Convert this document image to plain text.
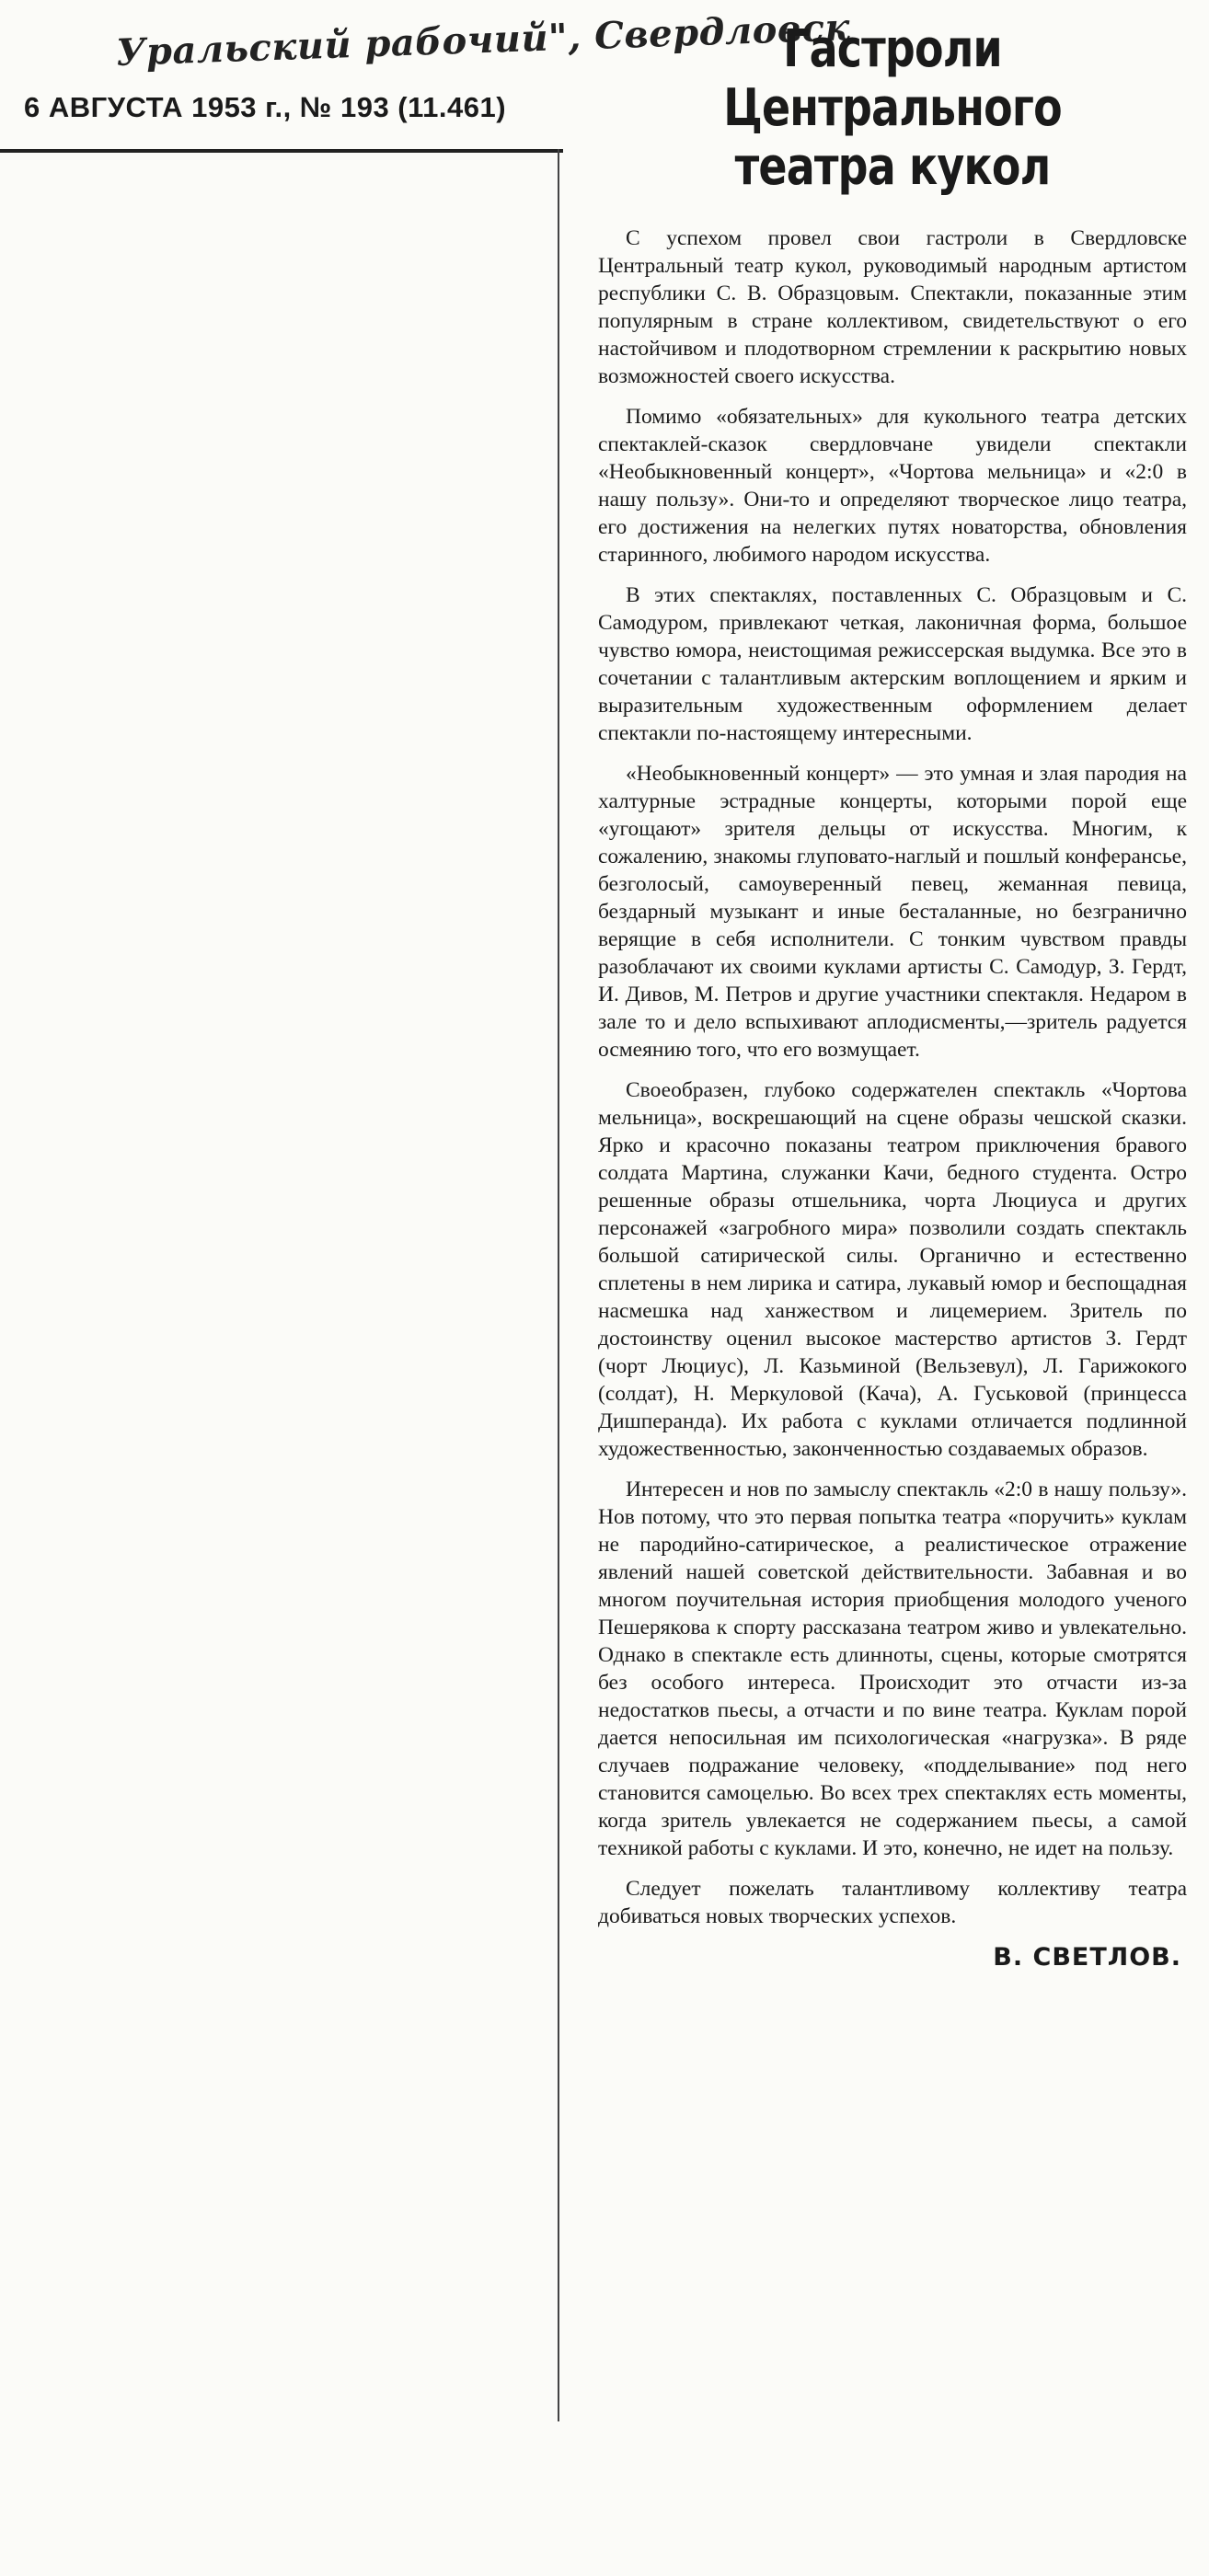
Уральский рабочий", Свердловск
6 АВГУСТА 1953 г., № 193 (11.461)
Гастроли Центрального
театра кукол

С успехом провел свои гастроли в Свердловске Центральный театр кукол, руководимый народным артистом республики С. В. Образцовым. Спектакли, показанные этим популярным в стране коллективом, свидетельствуют о его настойчивом и плодотворном стремлении к раскрытию новых возможностей своего искусства.

Помимо «обязательных» для кукольного театра детских спектаклей-сказок свердловчане увидели спектакли «Необыкновенный концерт», «Чортова мельница» и «2:0 в нашу пользу». Они-то и определяют творческое лицо театра, его достижения на нелегких путях новаторства, обновления старинного, любимого народом искусства.

В этих спектаклях, поставленных С. Образцовым и С. Самодуром, привлекают четкая, лаконичная форма, большое чувство юмора, неистощимая режиссерская выдумка. Все это в сочетании с талантливым актерским воплощением и ярким и выразительным художественным оформлением делает спектакли по-настоящему интересными.

«Необыкновенный концерт» — это умная и злая пародия на халтурные эстрадные концерты, которыми порой еще «угощают» зрителя дельцы от искусства. Многим, к сожалению, знакомы глуповато-наглый и пошлый конферансье, безголосый, самоуверенный певец, жеманная певица, бездарный музыкант и иные бесталанные, но безгранично верящие в себя исполнители. С тонким чувством правды разоблачают их своими куклами артисты С. Самодур, З. Гердт, И. Дивов, М. Петров и другие участники спектакля. Недаром в зале то и дело вспыхивают аплодисменты,—зритель радуется осмеянию того, что его возмущает.

Своеобразен, глубоко содержателен спектакль «Чортова мельница», воскрешающий на сцене образы чешской сказки. Ярко и красочно показаны театром приключения бравого солдата Мартина, служанки Качи, бедного студента. Остро решенные образы отшельника, чорта Люциуса и других персонажей «загробного мира» позволили создать спектакль большой сатирической силы. Органично и естественно сплетены в нем лирика и сатира, лукавый юмор и беспощадная насмешка над ханжеством и лицемерием. Зритель по достоинству оценил высокое мастерство артистов З. Гердт (чорт Люциус), Л. Казьминой (Вельзевул), Л. Гарижокого (солдат), Н. Меркуловой (Кача), А. Гуськовой (принцесса Дишперанда). Их работа с куклами отличается подлинной художественностью, законченностью создаваемых образов.

Интересен и нов по замыслу спектакль «2:0 в нашу пользу». Нов потому, что это первая попытка театра «поручить» куклам не пародийно-сатирическое, а реалистическое отражение явлений нашей советской действительности. Забавная и во многом поучительная история приобщения молодого ученого Пешерякова к спорту рассказана театром живо и увлекательно. Однако в спектакле есть длинноты, сцены, которые смотрятся без особого интереса. Происходит это отчасти из-за недостатков пьесы, а отчасти и по вине театра. Куклам порой дается непосильная им психологическая «нагрузка». В ряде случаев подражание человеку, «подделывание» под него становится самоцелью. Во всех трех спектаклях есть моменты, когда зритель увлекается не содержанием пьесы, а самой техникой работы с куклами. И это, конечно, не идет на пользу.

Следует пожелать талантливому коллективу театра добиваться новых творческих успехов.

В. СВЕТЛОВ.
